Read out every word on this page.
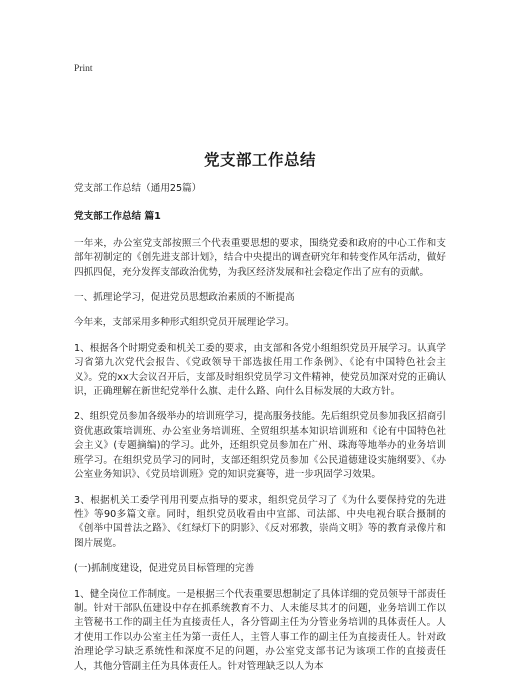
Print
党支部工作总结

党支部工作总结（通用25篇）

党支部工作总结 篇1

一年来，办公室党支部按照三个代表重要思想的要求，围绕党委和政府的中心工作和支部年初制定的《创先进支部计划》，结合中央提出的调查研究年和转变作风年活动，做好四抓四促，充分发挥支部政治优势，为我区经济发展和社会稳定作出了应有的贡献。

一、抓理论学习，促进党员思想政治素质的不断提高

今年来，支部采用多种形式组织党员开展理论学习。

1、根据各个时期党委和机关工委的要求，由支部和各党小组组织党员开展学习。认真学习省第九次党代会报告、《党政领导干部选拔任用工作条例》、《论有中国特色社会主义》。党的xx大会议召开后，支部及时组织党员学习文件精神，使党员加深对党的正确认识，正确理解在新世纪党举什么旗、走什么路、向什么目标发展的大政方针。

2、组织党员参加各级举办的培训班学习，提高服务技能。先后组织党员参加我区招商引资优惠政策培训班、办公室业务培训班、全贸组织基本知识培训班和《论有中国特色社会主义》(专题摘编)的学习。此外，还组织党员参加在广州、珠海等地举办的业务培训班学习。在组织党员学习的同时，支部还组织党员参加《公民道德建设实施纲要》、《办公室业务知识》、《党员培训班》党的知识竞赛等，进一步巩固学习效果。

3、根据机关工委学刊用刊要点指导的要求，组织党员学习了《为什么要保持党的先进性》等90多篇文章。同时，组织党员收看由中宣部、司法部、中央电视台联合摄制的《创举中国普法之路》、《红绿灯下的阴影》、《反对邪教，崇尚文明》等的教育录像片和图片展览。

(一)抓制度建设，促进党员目标管理的完善

1、健全岗位工作制度。一是根据三个代表重要思想制定了具体详细的党员领导干部责任制。针对干部队伍建设中存在抓系统教育不力、人未能尽其才的问题，业务培训工作以主管秘书工作的副主任为直接责任人，各分管副主任为分管业务培训的具体责任人。人才使用工作以办公室主任为第一责任人，主管人事工作的副主任为直接责任人。针对政治理论学习缺乏系统性和深度不足的问题，办公室党支部书记为该项工作的直接责任人，其他分管副主任为具体责任人。针对管理缺乏以人为本
